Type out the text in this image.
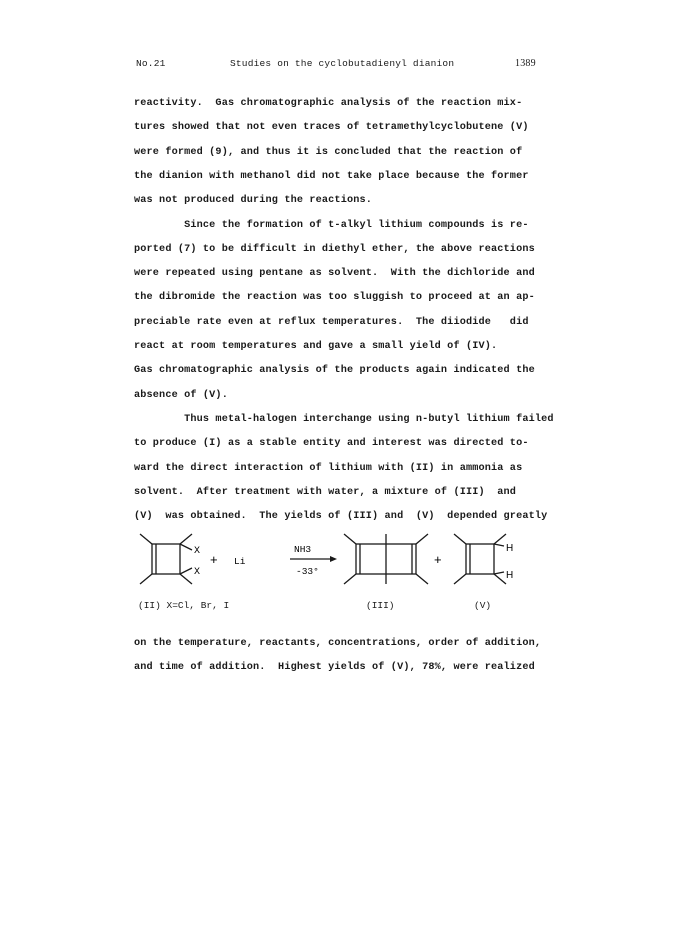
No.21	Studies on the cyclobutadienyl dianion	1389
reactivity.  Gas chromatographic analysis of the reaction mix-
tures showed that not even traces of tetramethylcyclobutene (V)
were formed (9), and thus it is concluded that the reaction of
the dianion with methanol did not take place because the former
was not produced during the reactions.
Since the formation of t-alkyl lithium compounds is re-
ported (7) to be difficult in diethyl ether, the above reactions
were repeated using pentane as solvent.  With the dichloride and
the dibromide the reaction was too sluggish to proceed at an ap-
preciable rate even at reflux temperatures.  The diiodide   did
react at room temperatures and gave a small yield of (IV).
Gas chromatographic analysis of the products again indicated the
absence of (V).
Thus metal-halogen interchange using n-butyl lithium failed
to produce (I) as a stable entity and interest was directed to-
ward the direct interaction of lithium with (II) in ammonia as
solvent.  After treatment with water, a mixture of (III)  and
(V)  was obtained.  The yields of (III) and  (V)  depended greatly
X
X
+ Li
NH3
-33°
+
H
H
(II) X=Cl, Br, I	(III)	(V)
on the temperature, reactants, concentrations, order of addition,
and time of addition.  Highest yields of (V), 78%, were realized
